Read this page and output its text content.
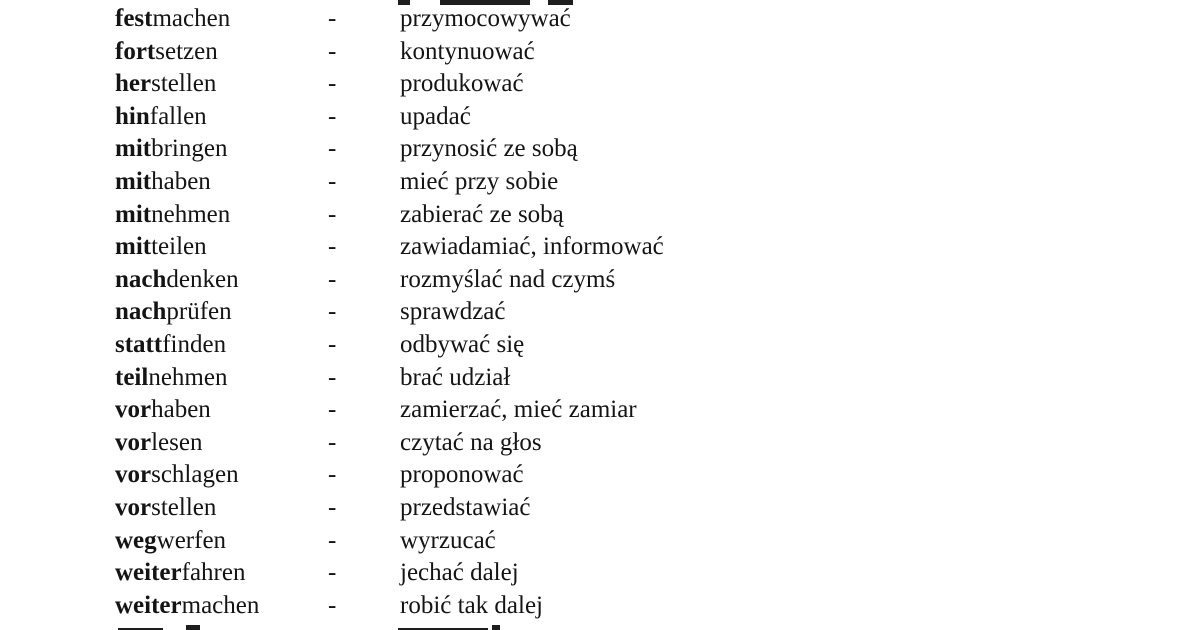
festmachen	-	przymocowywać
fortsetzen	-	kontynuować
herstellen	-	produkować
hinfallen	-	upadać
mitbringen	-	przynosić ze sobą
mithaben	-	mieć przy sobie
mitnehmen	-	zabierać ze sobą
mitteilen	-	zawiadamiać, informować
nachdenken	-	rozmyślać nad czymś
nachprüfen	-	sprawdzać
stattfinden	-	odbywać się
teilnehmen	-	brać udział
vorhaben	-	zamierzać, mieć zamiar
vorlesen	-	czytać na głos
vorschlagen	-	proponować
vorstellen	-	przedstawiać
wegwerfen	-	wyrzucać
weiterfahren	-	jechać dalej
weitermachen	-	robić tak dalej
